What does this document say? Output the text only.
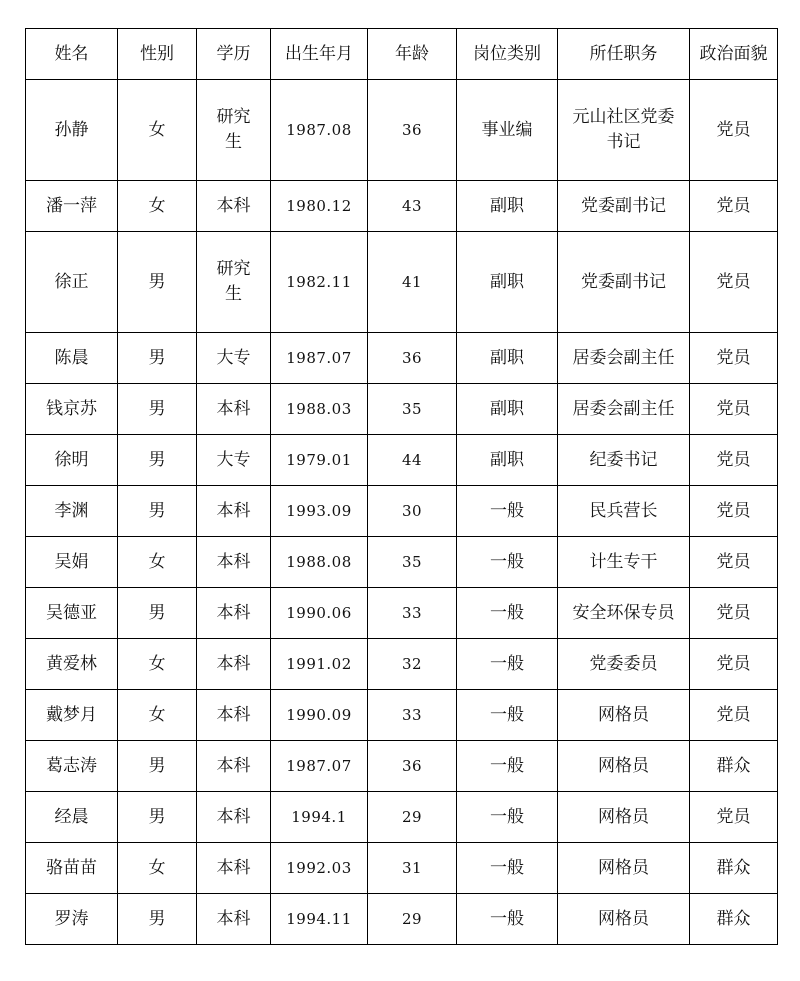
姓名	性别	学历	出生年月	年龄	岗位类别	所任职务	政治面貌
孙静	女	研究生	1987.08	36	事业编	元山社区党委书记	党员
潘一萍	女	本科	1980.12	43	副职	党委副书记	党员
徐正	男	研究生	1982.11	41	副职	党委副书记	党员
陈晨	男	大专	1987.07	36	副职	居委会副主任	党员
钱京苏	男	本科	1988.03	35	副职	居委会副主任	党员
徐明	男	大专	1979.01	44	副职	纪委书记	党员
李渊	男	本科	1993.09	30	一般	民兵营长	党员
吴娟	女	本科	1988.08	35	一般	计生专干	党员
吴德亚	男	本科	1990.06	33	一般	安全环保专员	党员
黄爱林	女	本科	1991.02	32	一般	党委委员	党员
戴梦月	女	本科	1990.09	33	一般	网格员	党员
葛志涛	男	本科	1987.07	36	一般	网格员	群众
经晨	男	本科	1994.1	29	一般	网格员	党员
骆苗苗	女	本科	1992.03	31	一般	网格员	群众
罗涛	男	本科	1994.11	29	一般	网格员	群众
